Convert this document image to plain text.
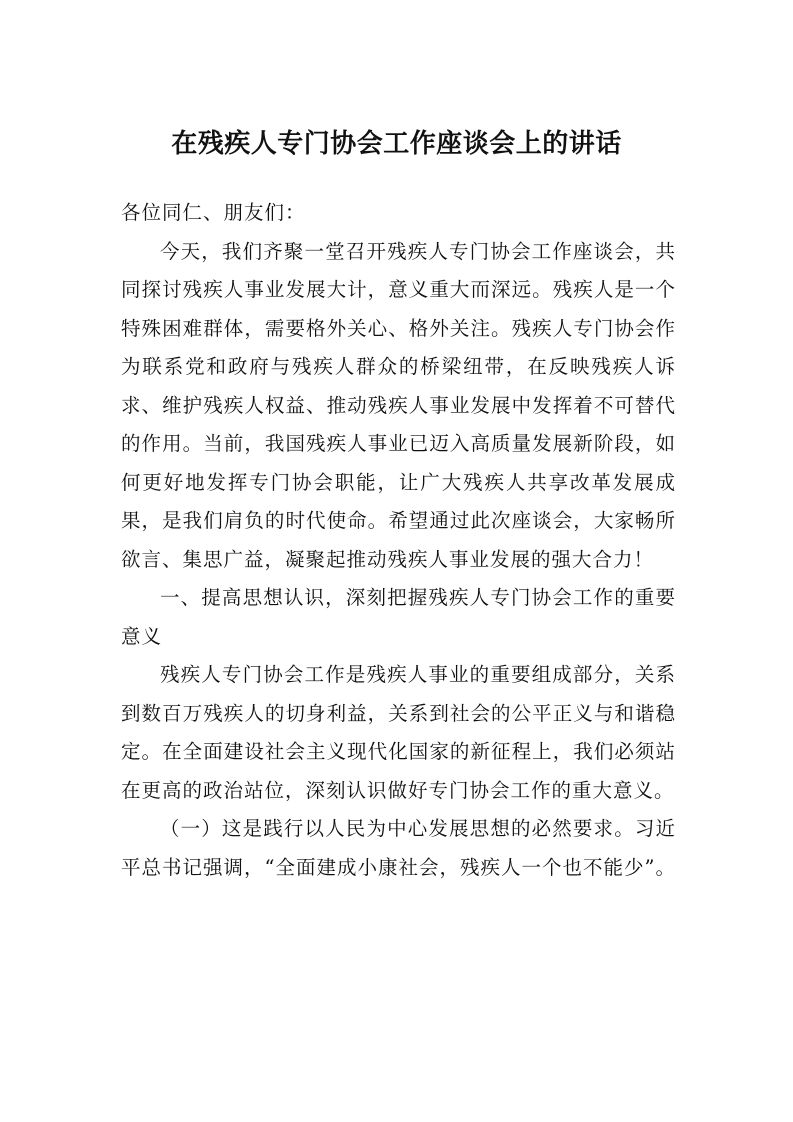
在残疾人专门协会工作座谈会上的讲话

各位同仁、朋友们：

今天，我们齐聚一堂召开残疾人专门协会工作座谈会，共同探讨残疾人事业发展大计，意义重大而深远。残疾人是一个特殊困难群体，需要格外关心、格外关注。残疾人专门协会作为联系党和政府与残疾人群众的桥梁纽带，在反映残疾人诉求、维护残疾人权益、推动残疾人事业发展中发挥着不可替代的作用。当前，我国残疾人事业已迈入高质量发展新阶段，如何更好地发挥专门协会职能，让广大残疾人共享改革发展成果，是我们肩负的时代使命。希望通过此次座谈会，大家畅所欲言、集思广益，凝聚起推动残疾人事业发展的强大合力！

一、提高思想认识，深刻把握残疾人专门协会工作的重要意义

残疾人专门协会工作是残疾人事业的重要组成部分，关系到数百万残疾人的切身利益，关系到社会的公平正义与和谐稳定。在全面建设社会主义现代化国家的新征程上，我们必须站在更高的政治站位，深刻认识做好专门协会工作的重大意义。

（一）这是践行以人民为中心发展思想的必然要求。习近平总书记强调，“全面建成小康社会，残疾人一个也不能少”。
